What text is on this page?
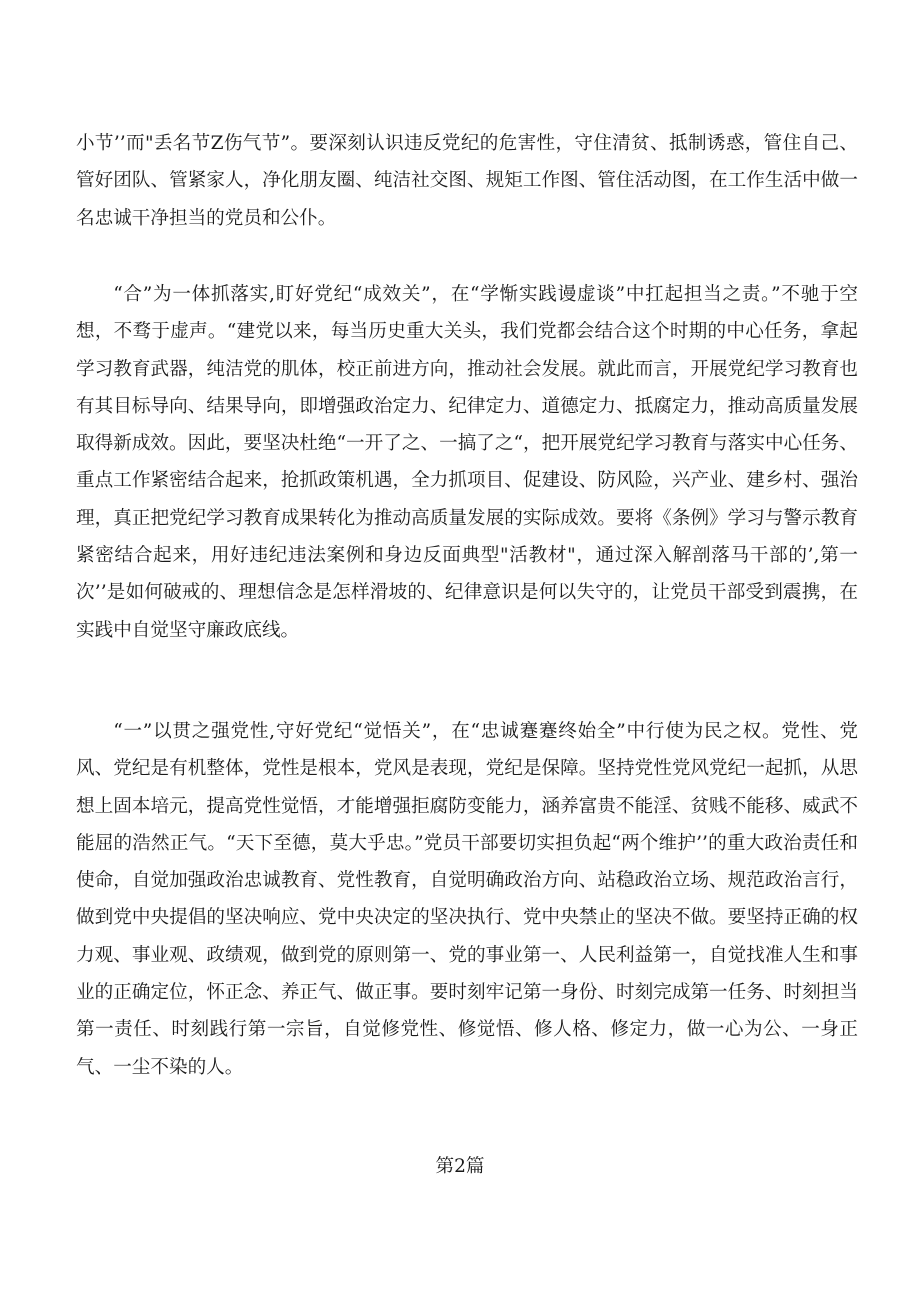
小节’’而"丢名节Z伤气节”。要深刻认识违反党纪的危害性，守住清贫、抵制诱惑，管住自己、管好团队、管紧家人，净化朋友圈、纯洁社交图、规矩工作图、管住活动图，在工作生活中做一名忠诚干净担当的党员和公仆。

“合”为一体抓落实,盯好党纪“成效关”，在“学惭实践谩虚谈”中扛起担当之责。”不驰于空想，不骛于虚声。“建党以来，每当历史重大关头，我们党都会结合这个时期的中心任务，拿起学习教育武器，纯洁党的肌体，校正前进方向，推动社会发展。就此而言，开展党纪学习教育也有其目标导向、结果导向，即增强政治定力、纪律定力、道德定力、抵腐定力，推动高质量发展取得新成效。因此，要坚决杜绝“一开了之、一搞了之“，把开展党纪学习教育与落实中心任务、重点工作紧密结合起来，抢抓政策机遇，全力抓项目、促建设、防风险，兴产业、建乡村、强治理，真正把党纪学习教育成果转化为推动高质量发展的实际成效。要将《条例》学习与警示教育紧密结合起来，用好违纪违法案例和身边反面典型"活教材"，通过深入解剖落马干部的’,第一次’’是如何破戒的、理想信念是怎样滑坡的、纪律意识是何以失守的，让党员干部受到震携，在实践中自觉坚守廉政底线。

“一”以贯之强党性,守好党纪“觉悟关”，在“忠诚蹇蹇终始全”中行使为民之权。党性、党风、党纪是有机整体，党性是根本，党风是表现，党纪是保障。坚持党性党风党纪一起抓，从思想上固本培元，提高党性觉悟，才能增强拒腐防变能力，涵养富贵不能淫、贫贱不能移、威武不能屈的浩然正气。“天下至德，莫大乎忠。”党员干部要切实担负起“两个维护’’的重大政治责任和使命，自觉加强政治忠诚教育、党性教育，自觉明确政治方向、站稳政治立场、规范政治言行，做到党中央提倡的坚决响应、党中央决定的坚决执行、党中央禁止的坚决不做。要坚持正确的权力观、事业观、政绩观，做到党的原则第一、党的事业第一、人民利益第一，自觉找准人生和事业的正确定位，怀正念、养正气、做正事。要时刻牢记第一身份、时刻完成第一任务、时刻担当第一责任、时刻践行第一宗旨，自觉修党性、修觉悟、修人格、修定力，做一心为公、一身正气、一尘不染的人。

第2篇
